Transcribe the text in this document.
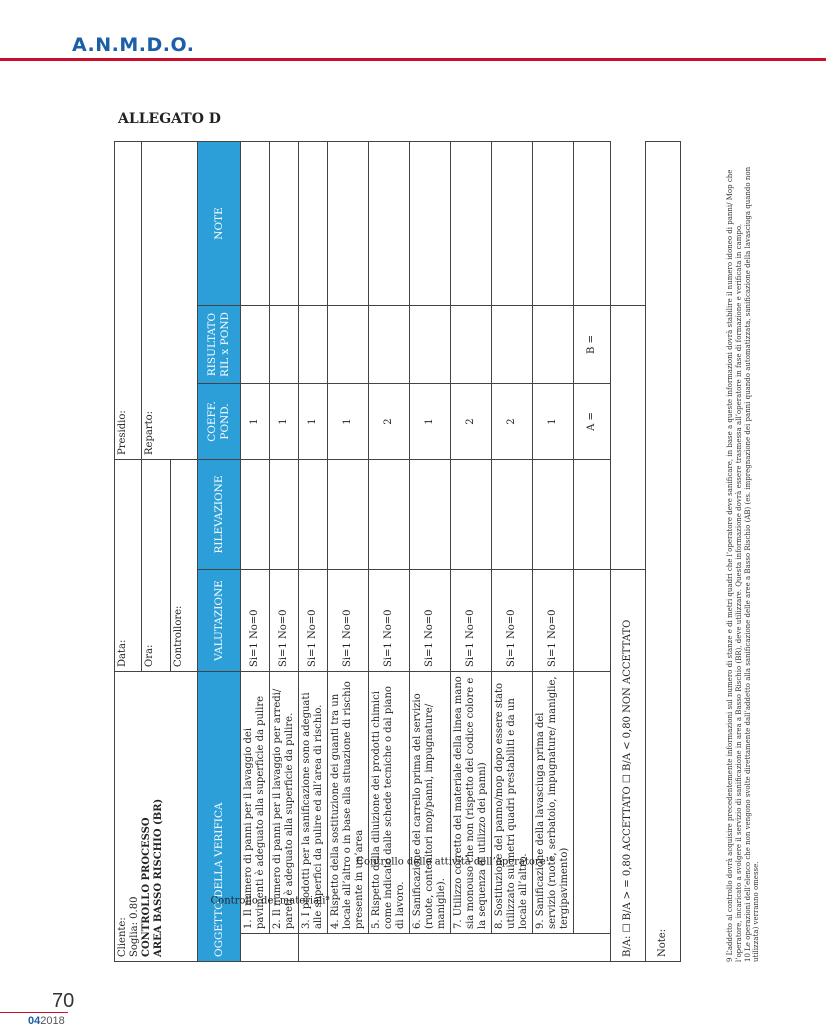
A.N.M.D.O.
ALLEGATO D
Cliente: Soglia: 0.80 CONTROLLO PROCESSO AREA BASSO RISCHIO (BR)		Data:		Presidio:		
		Ora:		Reparto:		
		Controllore:				
OGGETTO DELLA VERIFICA		VALUTAZIONE	RILEVAZIONE	COEFF. POND.	RISULTATO RIL x POND	NOTE
Controllo dei materiali⁹	1. Il numero di panni per il lavaggio dei pavimenti è adeguato alla superficie da pulire	Si=1 No=0		1		
	2. Il numero di panni per il lavaggio per arredi/ pareti è adeguato alla superficie da pulire.	Si=1 No=0		1		
Controllo delle attività dell’operatore¹⁰	3. I prodotti per la sanificazione sono adeguati alle superfici da pulire ed all’area di rischio.	Si=1 No=0		1		
	4. Rispetto della sostituzione dei guanti tra un locale all’altro o in base alla situazione di rischio presente in un’area	Si=1 No=0		1		
	5. Rispetto della diluizione dei prodotti chimici come indicato dalle schede tecniche o dal piano di lavoro.	Si=1 No=0		2		
	6. Sanificazione del carrello prima del servizio (ruote, contenitori mop/panni, impugnature/ maniglie).	Si=1 No=0		1		
	7. Utilizzo corretto del materiale della linea mano sia monouso che non (rispetto del codice colore e la sequenza di utilizzo dei panni)	Si=1 No=0		2		
	8. Sostituzione del panno/mop dopo essere stato utilizzato sui metri quadri prestabiliti e da un locale all’altro.	Si=1 No=0		2		
	9. Sanificazione della lavasciuga prima del servizio (ruote, serbatoio, impugnature/ maniglie, tergipavimento)	Si=1 No=0		1		
				A =	B =	
B/A: ☐ B/A > = 0,80 ACCETTATO ☐ B/A < 0,80 NON ACCETTATO						
Note:							9 L’addetto al controllo dovrà acquisire precedentemente informazioni sul numero di stanze e di metri quadri che l’operatore deve sanificare, in base a queste informazioni dovrà stabilire il numero idoneo di panni/ Mop che l’operatore, incaricato a svolgere il servizio di sanificazione in area a Basso Rischio (BR), deve utilizzare. Questa informazione dovrà essere trasmessa all’operatore in fase di formazione e verificata in campo. 10 Le operazioni dell’elenco che non vengono svolte direttamente dall’addetto alla sanificazione delle aree a Basso Rischio (AB) (es. impregnazione dei panni quando automatizzata, sanificazione della lavasciuga quando non utilizzata) verranno omesse.
70
042018
